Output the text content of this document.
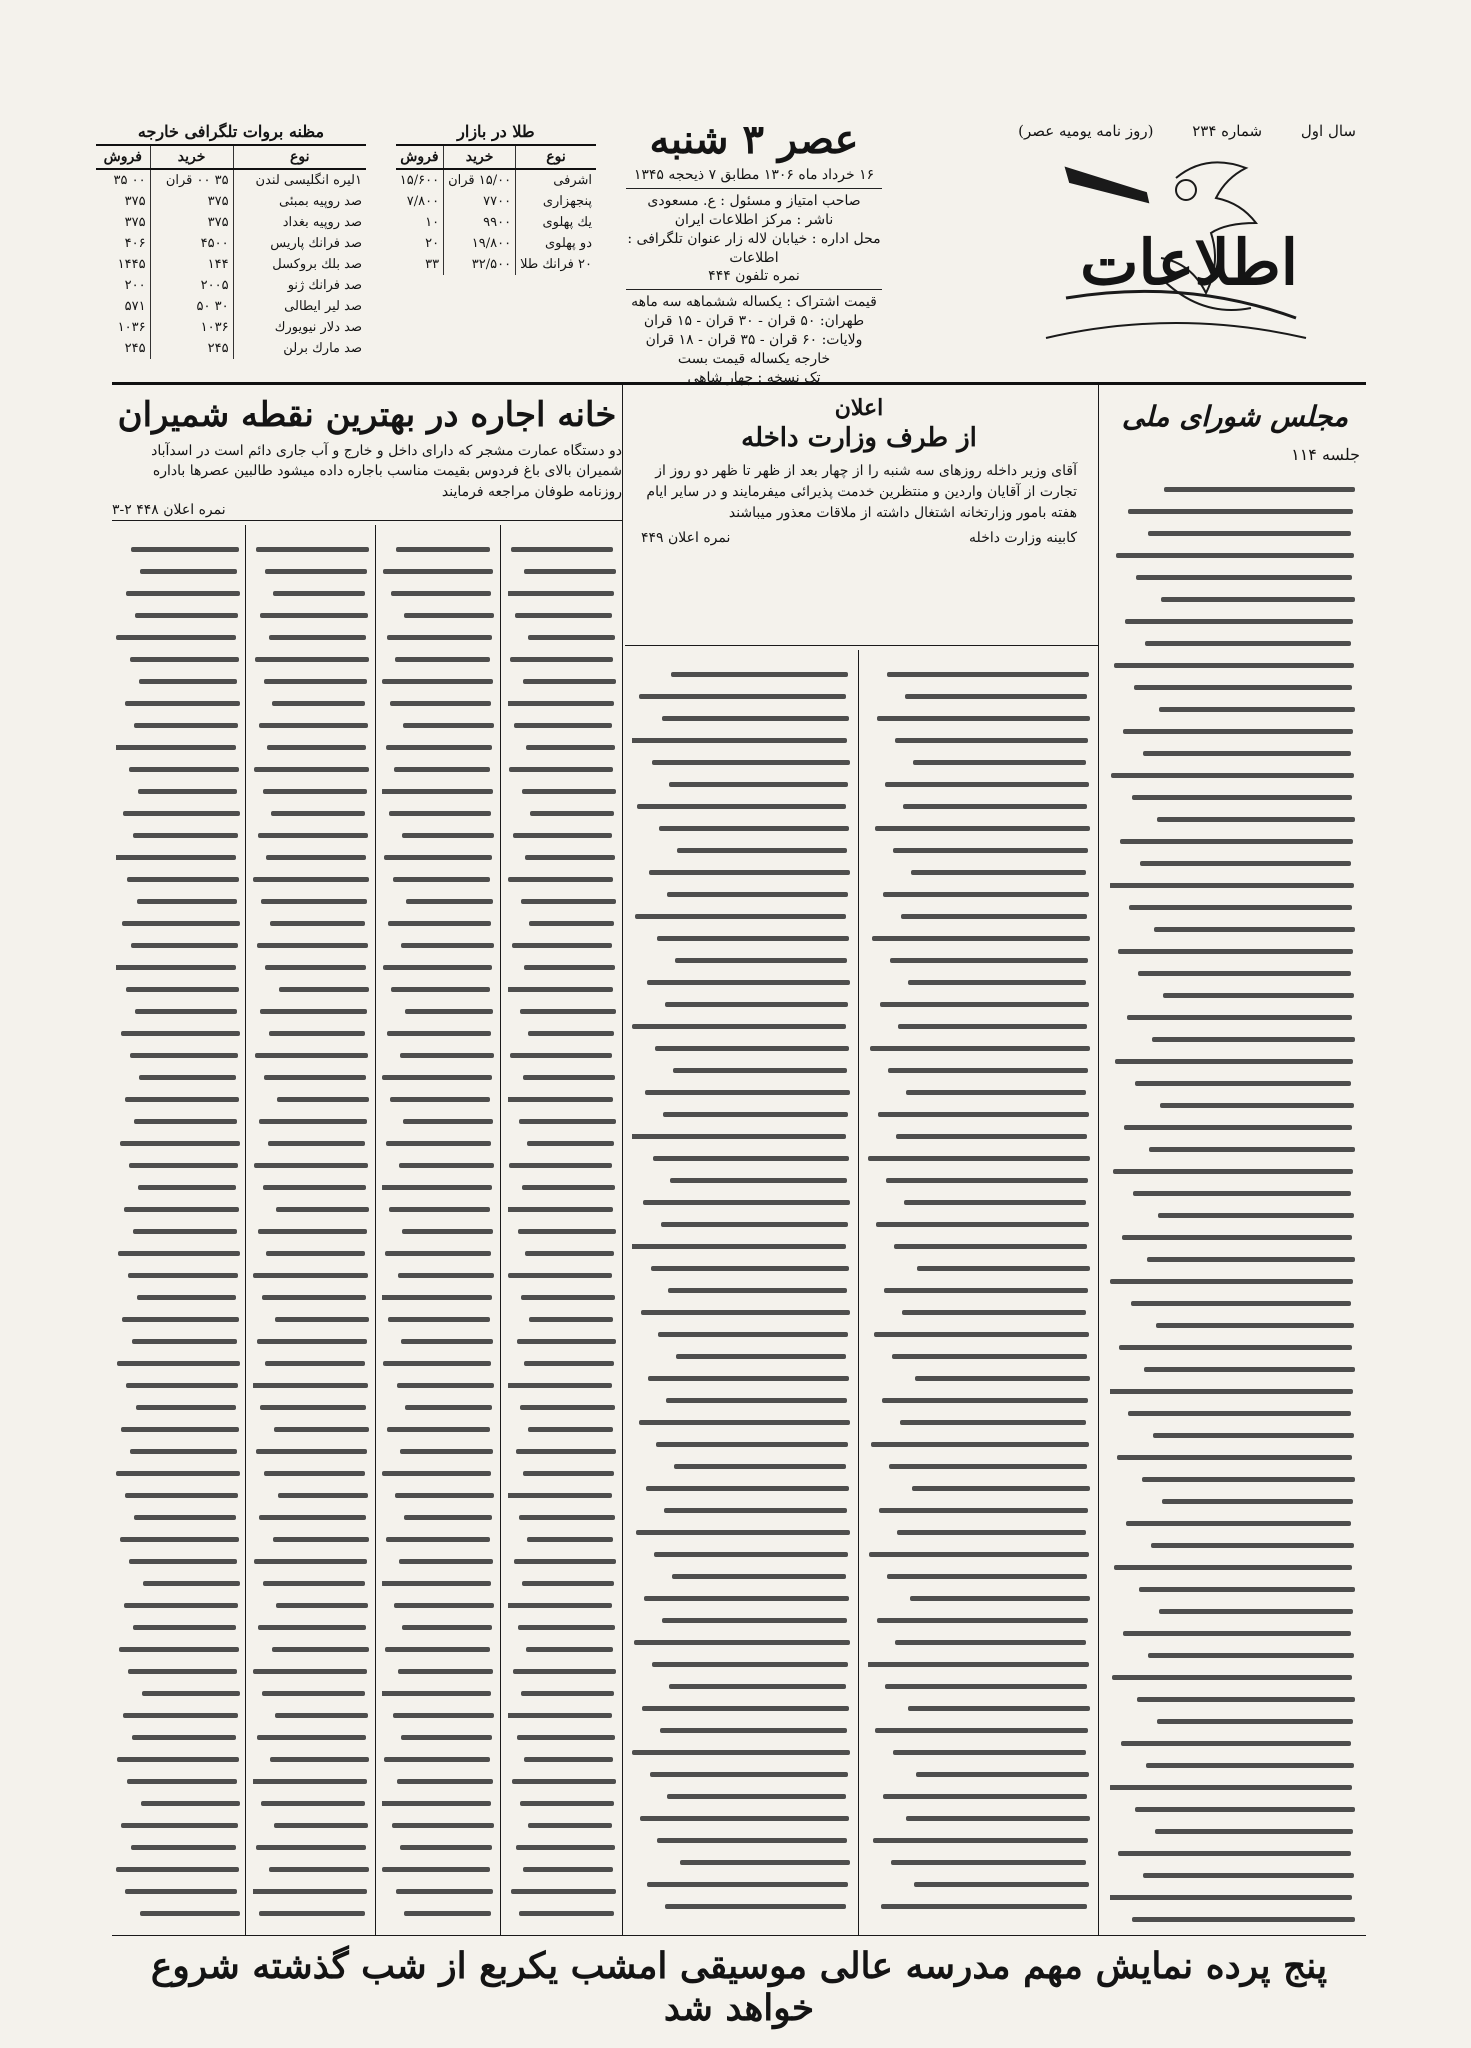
سال اول شماره ۲۳۴ (روز نامه یومیه عصر)
اطلاعات
عصر ۳ شنبه
۱۶ خرداد ماه ۱۳۰۶ مطابق ۷ ذیحجه ۱۳۴۵
صاحب امتیاز و مسئول : ع. مسعودی
ناشر : مرکز اطلاعات ایران
محل اداره : خیابان لاله زار عنوان تلگرافی : اطلاعات
نمره تلفون ۴۴۴
قیمت اشتراک : یکساله ششماهه سه ماهه
طهران: ۵۰ قران - ۳۰ قران - ۱۵ قران
ولایات: ۶۰ قران - ۳۵ قران - ۱۸ قران
خارجه یکساله قیمت بست
تک نسخه : چهار شاهی
طلا در بازار
نوع	خرید	فروش
اشرفی	۱۵/۰۰ قران	۱۵/۶۰۰
پنجهزاری	۷۷۰۰	۷/۸۰۰
یك پهلوی	۹۹۰۰	۱۰
دو پهلوی	۱۹/۸۰۰	۲۰
۲۰ فرانك طلا	۳۲/۵۰۰	۳۳
مظنه بروات تلگرافی خارجه
نوع	خرید	فروش
۱لیره انگلیسی لندن	۳۵ ۰۰ قران	۰۰ ۳۵
صد روپیه بمبئی	۳۷۵	۳۷۵
صد روپیه بغداد	۳۷۵	۳۷۵
صد فرانك پاریس	۴۵۰۰	۴۰۶
صد بلك بروكسل	۱۴۴	۱۴۴۵
صد فرانك ژنو	۲۰۰۵	۲۰۰
صد لیر ایطالی	۳۰ ۵۰	۵۷۱
صد دلار نیویورك	۱۰۳۶	۱۰۳۶
صد مارك برلن	۲۴۵	۲۴۵
مجلس شورای ملی
جلسه ۱۱۴
اعلان
از طرف وزارت داخله
آقای وزیر داخله روزهای سه شنبه را از چهار بعد از ظهر تا ظهر دو روز از تجارت از آقایان واردین و منتظرین خدمت پذیرائی میفرمایند و در سایر ایام هفته بامور وزارتخانه اشتغال داشته از ملاقات معذور میباشند
کابینه وزارت داخله
نمره اعلان ۴۴۹
خانه اجاره در بهترین نقطه شمیران
دو دستگاه عمارت مشجر که دارای داخل و خارج و آب جاری دائم است در اسدآباد شمیران بالای باغ فردوس بقیمت مناسب باجاره داده میشود طالبین عصرها باداره روزنامه طوفان مراجعه فرمایند
نمره اعلان ۴۴۸ ۲-۳
پنج پرده نمایش مهم مدرسه عالی موسیقی امشب یکربع از شب گذشته شروع خواهد شد
